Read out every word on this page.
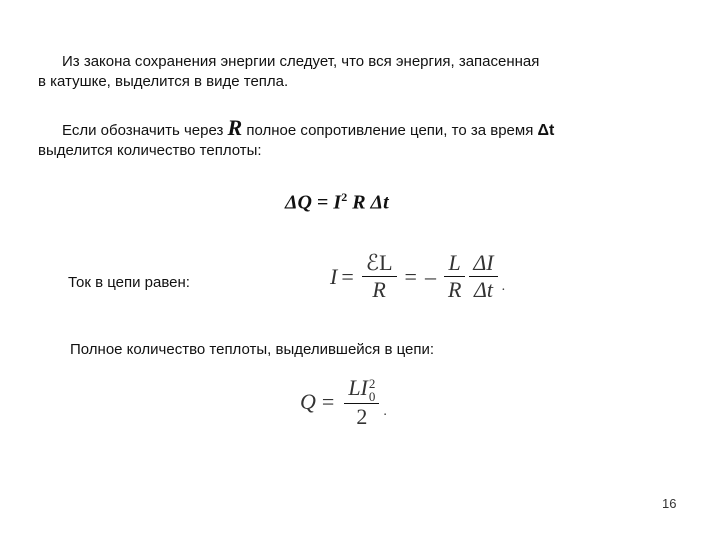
Из закона сохранения энергии следует, что вся энергия, запасенная
в катушке, выделится в виде тепла.
Если обозначить через R полное сопротивление цепи, то за время Δt
выделится количество теплоты:
$\Delta Q = I^2$ R Δt
Ток в цепи равен:	$I = \frac{\text{ℰL}}{R}$ = – $\frac{L}{R} \frac{\Delta I}{\Delta t}$ .
Полное количество теплоты, выделившейся в цепи:
Q = LI 2
0
2 .
16
